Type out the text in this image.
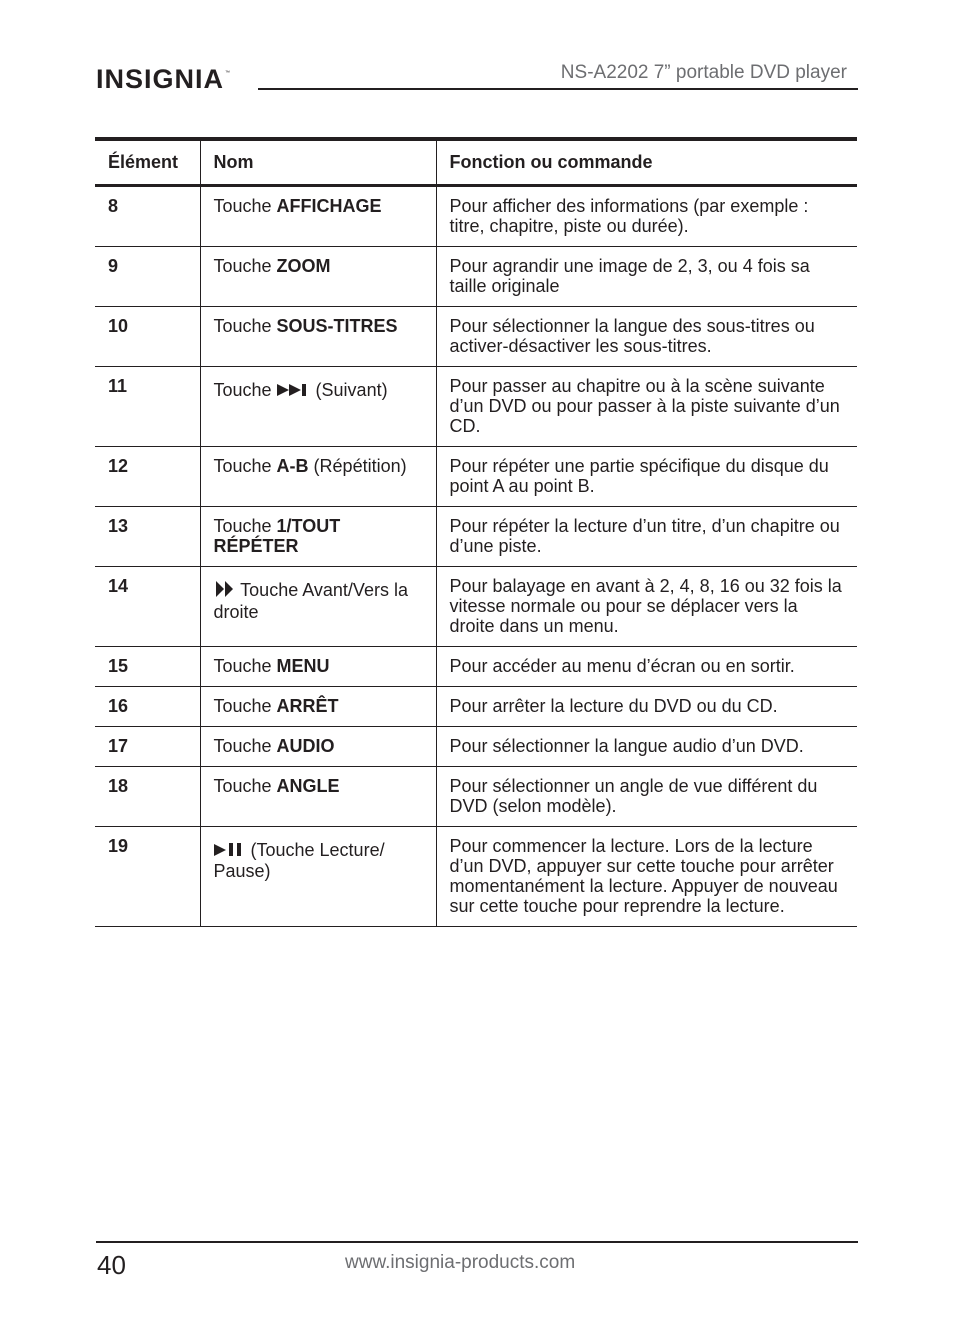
INSIGNIA ™	NS-A2202 7” portable DVD player
Élément	Nom	Fonction ou commande
8	Touche AFFICHAGE	Pour afficher des informations (par exemple : titre, chapitre, piste ou durée).
9	Touche ZOOM	Pour agrandir une image de 2, 3, ou 4 fois sa taille originale
10	Touche SOUS-TITRES	Pour sélectionner la langue des sous-titres ou activer-désactiver les sous-titres.
11	Touche  (Suivant)	Pour passer au chapitre ou à la scène suivante d’un DVD ou pour passer à la piste suivante d’un CD.
12	Touche A-B (Répétition)	Pour répéter une partie spécifique du disque du point A au point B.
13	Touche 1/TOUT RÉPÉTER	Pour répéter la lecture d’un titre, d’un chapitre ou d’une piste.
14	Touche Avant/Vers la droite	Pour balayage en avant à 2, 4, 8, 16 ou 32 fois la vitesse normale ou pour se déplacer vers la droite dans un menu.
15	Touche MENU	Pour accéder au menu d’écran ou en sortir.
16	Touche ARRÊT	Pour arrêter la lecture du DVD ou du CD.
17	Touche AUDIO	Pour sélectionner la langue audio d’un DVD.
18	Touche ANGLE	Pour sélectionner un angle de vue différent du DVD (selon modèle).
19	(Touche Lecture/ Pause)	Pour commencer la lecture. Lors de la lecture d’un DVD, appuyer sur cette touche pour arrêter momentanément la lecture. Appuyer de nouveau sur cette touche pour reprendre la lecture.
40	www.insignia-products.com
